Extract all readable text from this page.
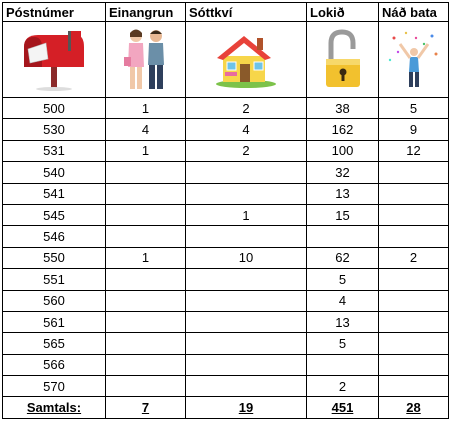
Póstnúmer	Einangrun	Sóttkví	Lokið	Náð bata

500	1	2	38	5
530	4	4	162	9
531	1	2	100	12
540			32	
541			13	
545		1	15	
546				
550	1	10	62	2
551			5	
560			4	
561			13	
565			5	
566				
570			2	
Samtals:	7	19	451	28
